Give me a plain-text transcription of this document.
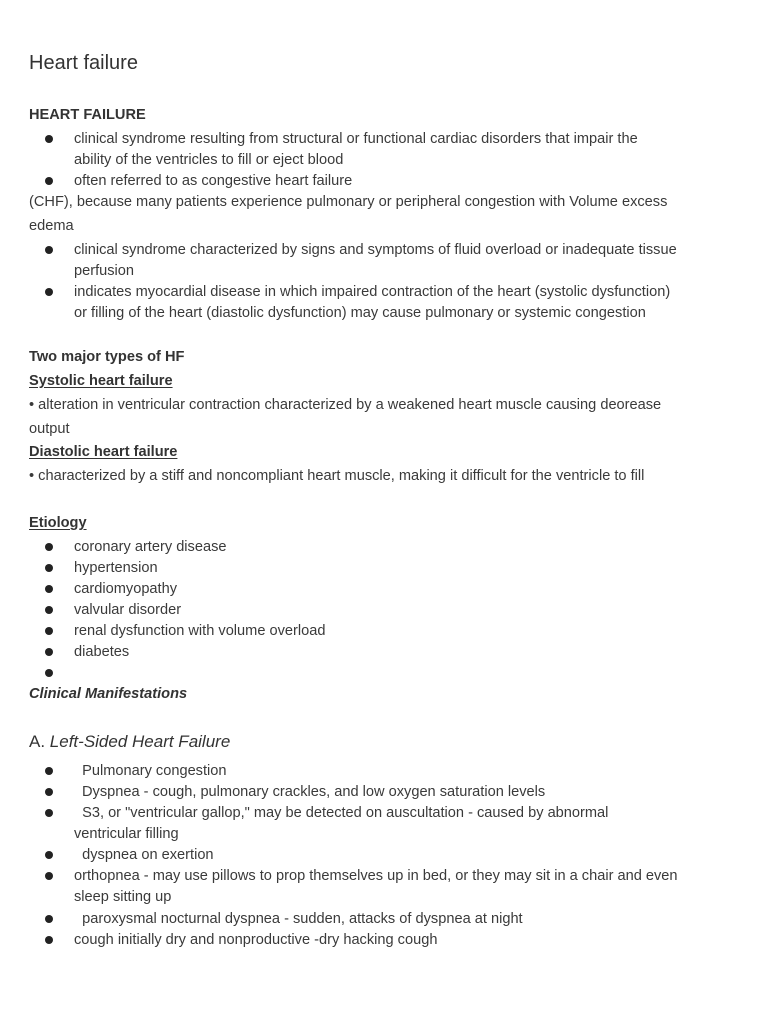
Heart failure
HEART FAILURE
clinical syndrome resulting from structural or functional cardiac disorders that impair the
ability of the ventricles to fill or eject blood
often referred to as congestive heart failure
(CHF), because many patients experience pulmonary or peripheral congestion with Volume excess
edema
clinical syndrome characterized by signs and symptoms of fluid overload or inadequate tissue
perfusion
indicates myocardial disease in which impaired contraction of the heart (systolic dysfunction)
or filling of the heart (diastolic dysfunction) may cause pulmonary or systemic congestion
Two major types of HF
Systolic heart failure
• alteration in ventricular contraction characterized by a weakened heart muscle causing deorease
output
Diastolic heart failure
• characterized by a stiff and noncompliant heart muscle, making it difficult for the ventricle to fill
Etiology
coronary artery disease
hypertension
cardiomyopathy
valvular disorder
renal dysfunction with volume overload
diabetes
Clinical Manifestations
A. Left-Sided Heart Failure
Pulmonary congestion
Dyspnea - cough, pulmonary crackles, and low oxygen saturation levels
S3, or "ventricular gallop," may be detected on auscultation - caused by abnormal
ventricular filling
dyspnea on exertion
orthopnea - may use pillows to prop themselves up in bed, or they may sit in a chair and even
sleep sitting up
paroxysmal nocturnal dyspnea - sudden, attacks of dyspnea at night
cough initially dry and nonproductive -dry hacking cough
